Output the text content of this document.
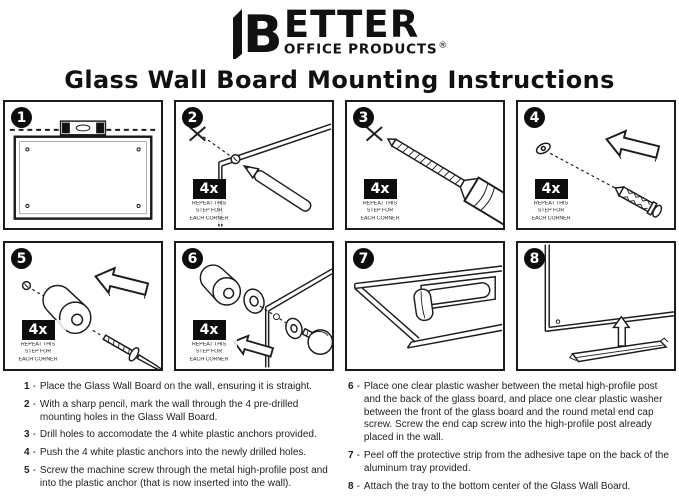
B ETTER
OFFICE PRODUCTS®
Glass Wall Board Mounting Instructions
1	2
4x
REPEAT THIS
STEP FOR
EACH CORNER
3
4x
REPEAT THIS
STEP FOR
EACH CORNER
4
4x
REPEAT THIS
STEP FOR
EACH CORNER
5
4x
REPEAT THIS
STEP FOR
EACH CORNER
6
4x
REPEAT THIS
STEP FOR
EACH CORNER
7	8
1 - Place the Glass Wall Board on the wall, ensuring it is straight.
2 - With a sharp pencil, mark the wall through the 4 pre-drilled mounting holes in the Glass Wall Board.
3 - Drill holes to accomodate the 4 white plastic anchors provided.
4 - Push the 4 white plastic anchors into the newly drilled holes.
5 - Screw the machine screw through the metal high-profile post and into the plastic anchor (that is now inserted into the wall).
6 - Place one clear plastic washer between the metal high-profile post and the back of the glass board, and place one clear plastic washer between the front of the glass board and the round metal end cap screw. Screw the end cap screw into the high-profile post already placed in the wall.
7 - Peel off the protective strip from the adhesive tape on the back of the aluminum tray provided.
8 - Attach the tray to the bottom center of the Glass Wall Board.
